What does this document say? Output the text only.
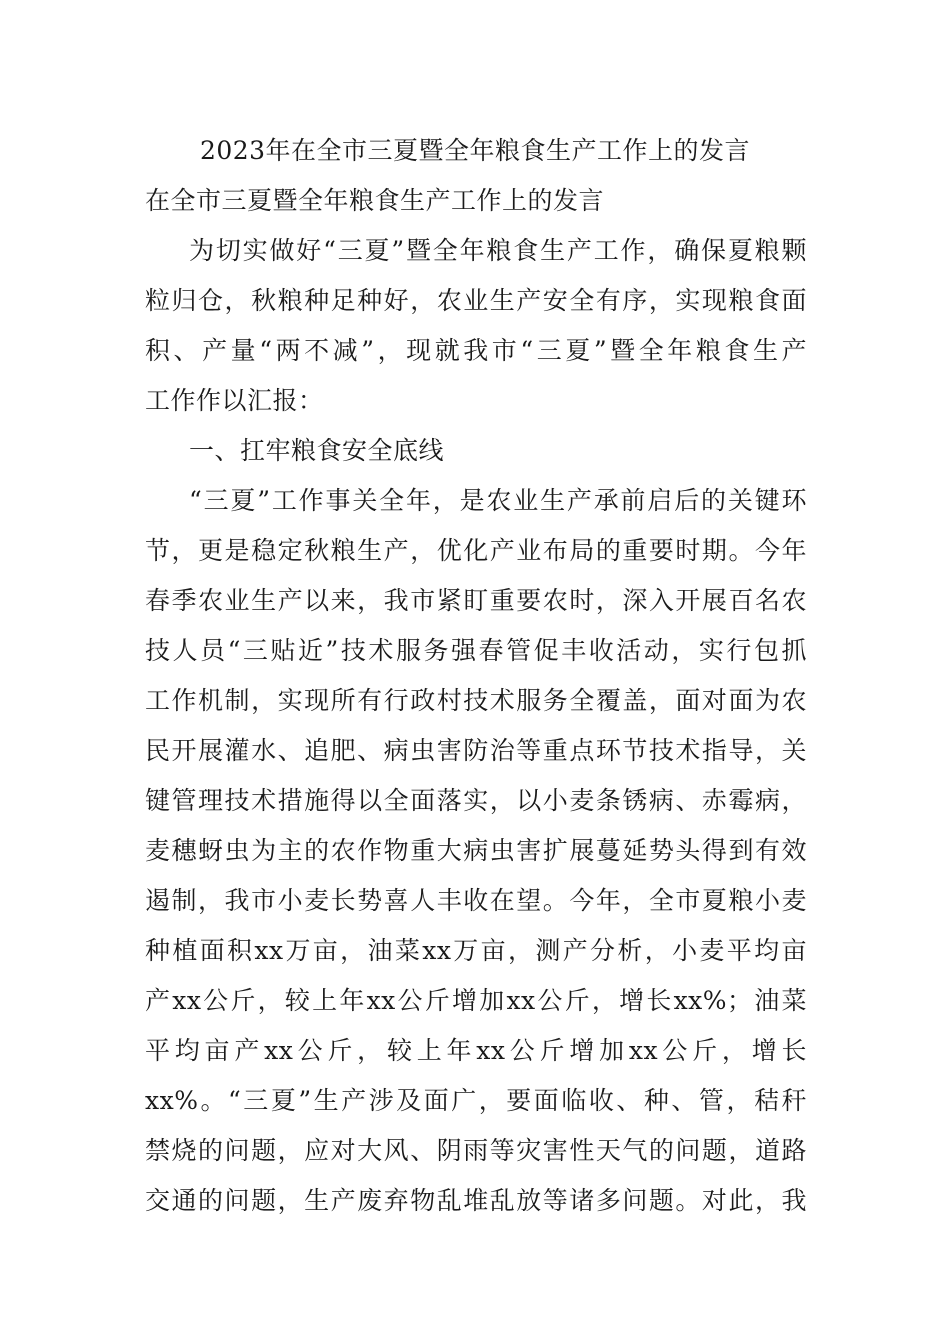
2023年在全市三夏暨全年粮食生产工作上的发言
在全市三夏暨全年粮食生产工作上的发言
为切实做好“三夏”暨全年粮食生产工作，确保夏粮颗
粒归仓，秋粮种足种好，农业生产安全有序，实现粮食面
积、产量“两不减”，现就我市“三夏”暨全年粮食生产
工作作以汇报：
一、扛牢粮食安全底线
“三夏”工作事关全年，是农业生产承前启后的关键环
节，更是稳定秋粮生产，优化产业布局的重要时期。今年
春季农业生产以来，我市紧盯重要农时，深入开展百名农
技人员“三贴近”技术服务强春管促丰收活动，实行包抓
工作机制，实现所有行政村技术服务全覆盖，面对面为农
民开展灌水、追肥、病虫害防治等重点环节技术指导，关
键管理技术措施得以全面落实，以小麦条锈病、赤霉病，
麦穗蚜虫为主的农作物重大病虫害扩展蔓延势头得到有效
遏制，我市小麦长势喜人丰收在望。今年，全市夏粮小麦
种植面积xx万亩，油菜xx万亩，测产分析，小麦平均亩
产xx公斤，较上年xx公斤增加xx公斤，增长xx%；油菜
平均亩产xx公斤，较上年xx公斤增加xx公斤，增长
xx%。“三夏”生产涉及面广，要面临收、种、管，秸秆
禁烧的问题，应对大风、阴雨等灾害性天气的问题，道路
交通的问题，生产废弃物乱堆乱放等诸多问题。对此，我
